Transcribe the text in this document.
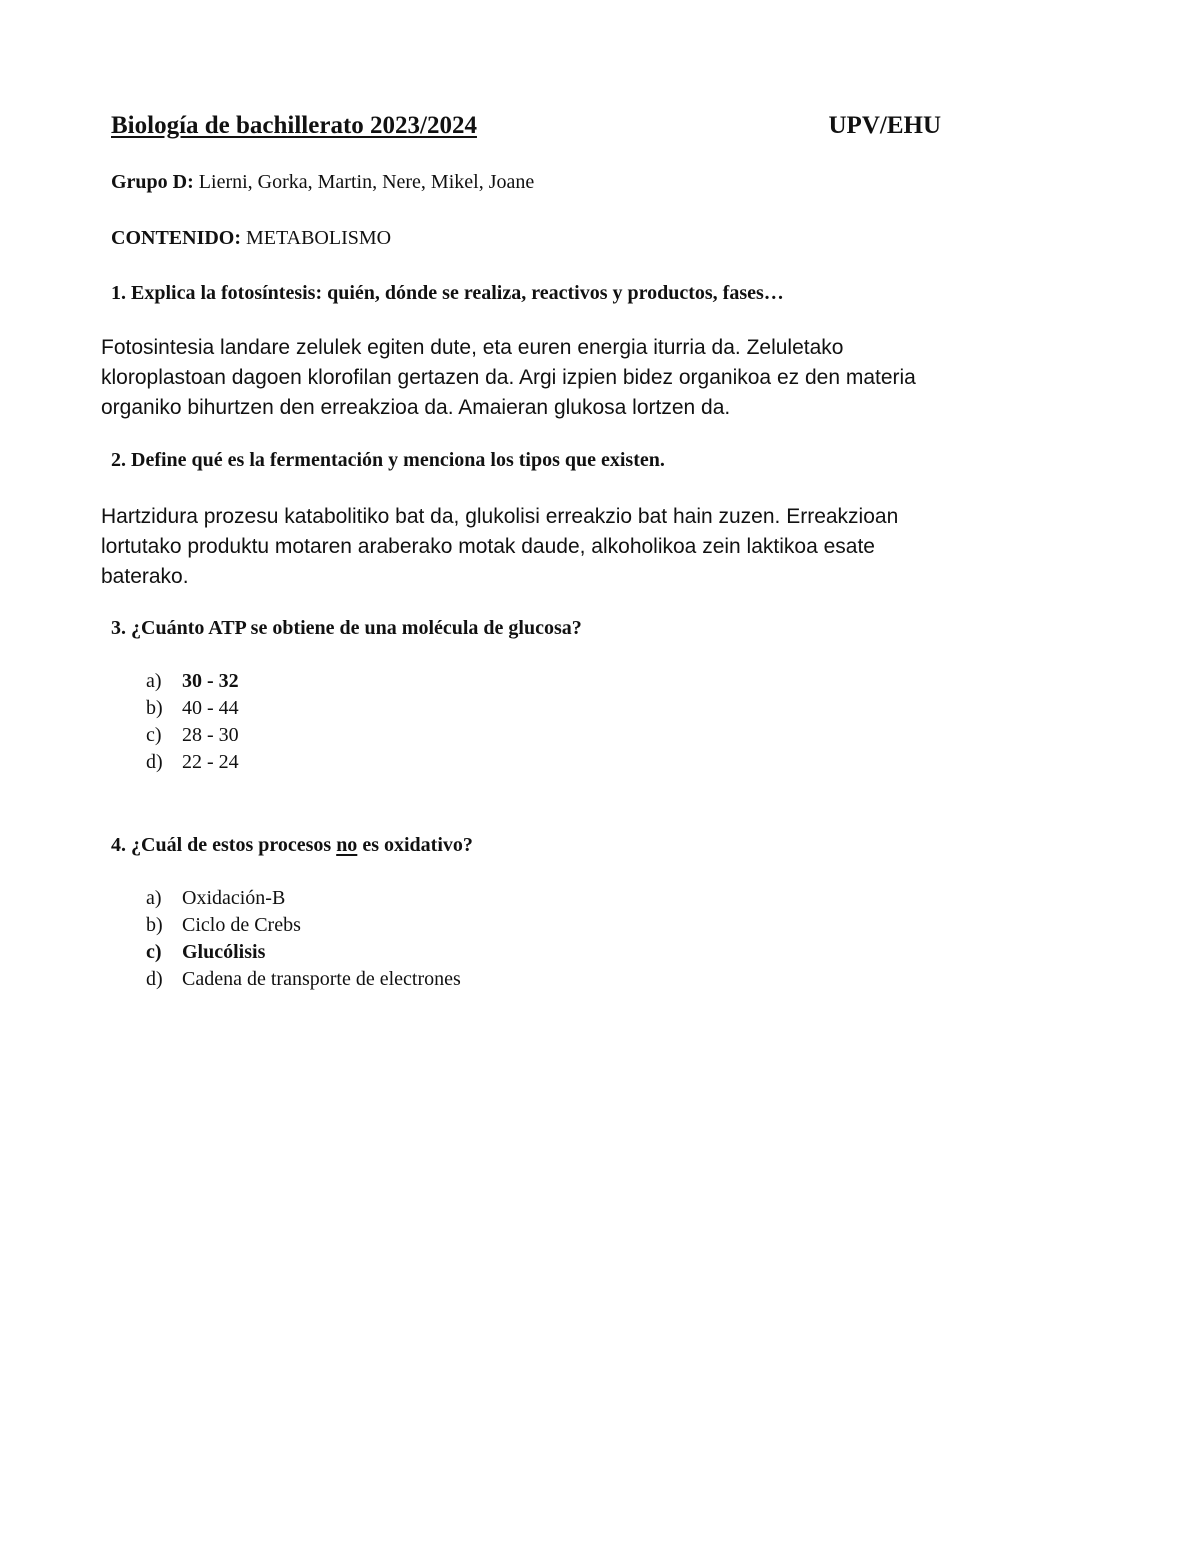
Biología de bachillerato 2023/2024	UPV/EHU
Grupo D: Lierni, Gorka, Martin, Nere, Mikel, Joane
CONTENIDO: METABOLISMO
1. Explica la fotosíntesis: quién, dónde se realiza, reactivos y productos, fases…
Fotosintesia landare zelulek egiten dute, eta euren energia iturria da. Zeluletako
kloroplastoan dagoen klorofilan gertazen da. Argi izpien bidez organikoa ez den materia
organiko bihurtzen den erreakzioa da. Amaieran glukosa lortzen da.
2. Define qué es la fermentación y menciona los tipos que existen.
Hartzidura prozesu katabolitiko bat da, glukolisi erreakzio bat hain zuzen. Erreakzioan
lortutako produktu motaren araberako motak daude, alkoholikoa zein laktikoa esate
baterako.
3. ¿Cuánto ATP se obtiene de una molécula de glucosa?
a)	30 - 32
b) 40 - 44
c)	28 - 30
d) 22 - 24
4. ¿Cuál de estos procesos no es oxidativo?
a)	Oxidación-B
b) Ciclo de Crebs
c)	Glucólisis
d) Cadena de transporte de electrones
